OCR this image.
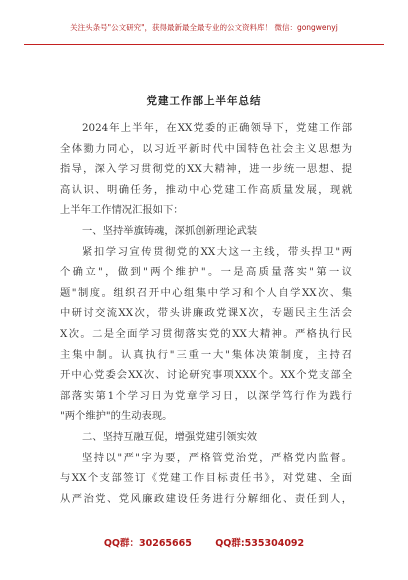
关注头条号"公文研究"，获得最新最全最专业的公文资料库！ 微信：gongwenyj
党建工作部上半年总结
2024年上半年，在XX党委的正确领导下，党建工作部
全体勠力同心，以习近平新时代中国特色社会主义思想为
指导，深入学习贯彻党的XX大精神，进一步统一思想、提
高认识、明确任务，推动中心党建工作高质量发展，现就
上半年工作情况汇报如下：
一、坚持举旗铸魂，深抓创新理论武装
紧扣学习宣传贯彻党的XX大这一主线，带头捍卫"两
个确立"，做到"两个维护"。一是高质量落实"第一议
题"制度。组织召开中心组集中学习和个人自学XX次、集
中研讨交流XX次，带头讲廉政党课X次，专题民主生活会
X次。二是全面学习贯彻落实党的XX大精神。严格执行民
主集中制。认真执行"三重一大"集体决策制度，主持召
开中心党委会XX次、讨论研究事项XXX个。XX个党支部全
部落实第1个学习日为党章学习日，以深学笃行作为践行
"两个维护"的生动表现。
二、坚持互融互促，增强党建引领实效
坚持以"严"字为要，严格管党治党，严格党内监督。
与XX个支部签订《党建工作目标责任书》，对党建、全面
从严治党、党风廉政建设任务进行分解细化、责任到人，
QQ群：30265665 QQ群:535304092
